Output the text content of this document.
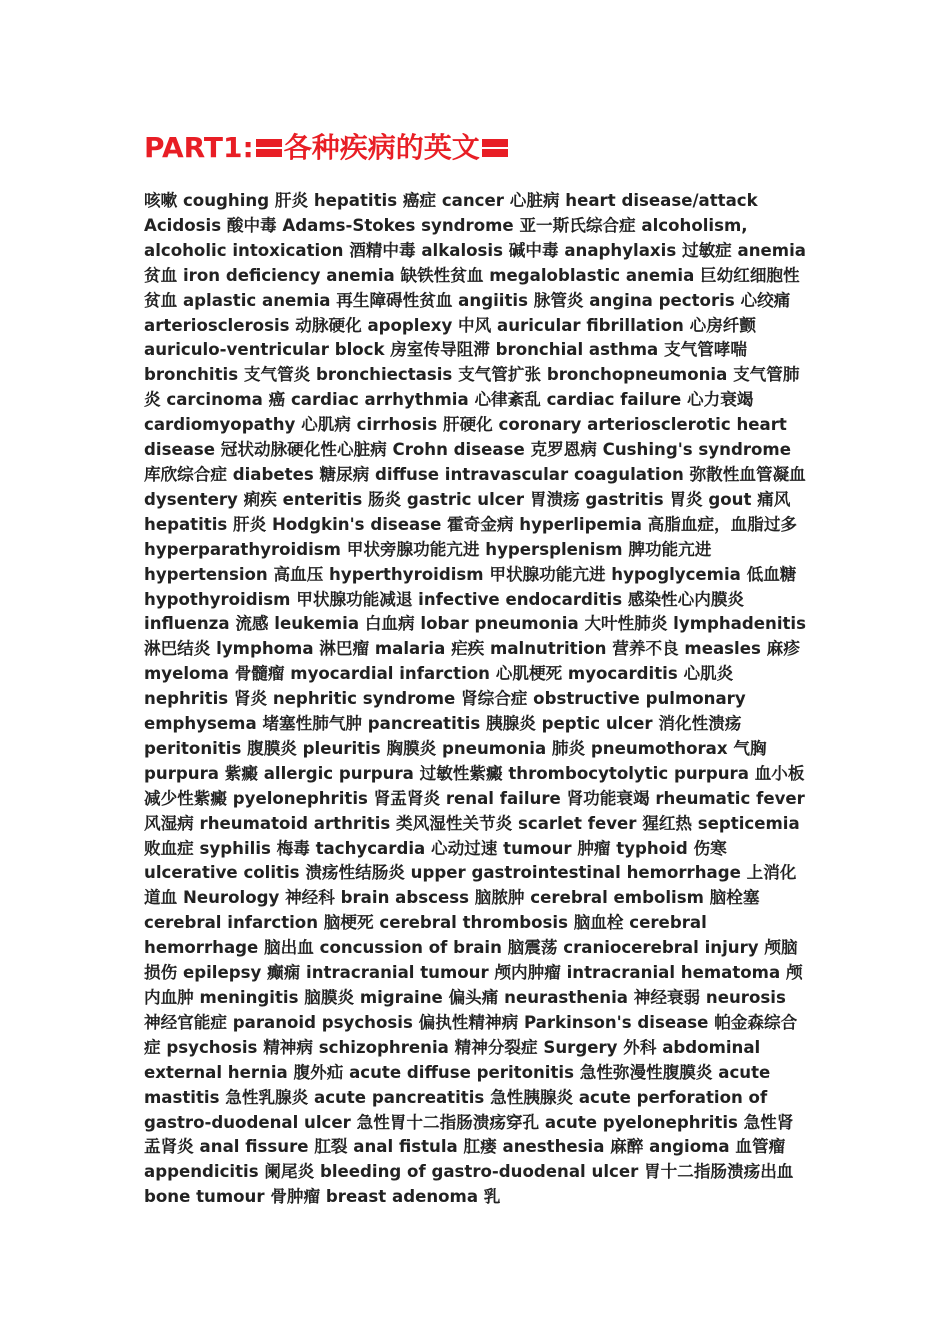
PART1: 各种疾病的英文

咳嗽 coughing 肝炎 hepatitis 癌症 cancer 心脏病 heart disease/attack Acidosis 酸中毒 Adams-Stokes syndrome 亚一斯氏综合症 alcoholism, alcoholic intoxication 酒精中毒 alkalosis 碱中毒 anaphylaxis 过敏症 anemia 贫血 iron deficiency anemia 缺铁性贫血 megaloblastic anemia 巨幼红细胞性贫血 aplastic anemia 再生障碍性贫血 angiitis 脉管炎 angina pectoris 心绞痛 arteriosclerosis 动脉硬化 apoplexy 中风 auricular fibrillation 心房纤颤 auriculo-ventricular block 房室传导阻滞 bronchial asthma 支气管哮喘 bronchitis 支气管炎 bronchiectasis 支气管扩张 bronchopneumonia 支气管肺炎 carcinoma 癌 cardiac arrhythmia 心律紊乱 cardiac failure 心力衰竭 cardiomyopathy 心肌病 cirrhosis 肝硬化 coronary arteriosclerotic heart disease 冠状动脉硬化性心脏病 Crohn disease 克罗恩病 Cushing's syndrome 库欣综合症 diabetes 糖尿病 diffuse intravascular coagulation 弥散性血管凝血 dysentery 痢疾 enteritis 肠炎 gastric ulcer 胃溃疡 gastritis 胃炎 gout 痛风 hepatitis 肝炎 Hodgkin's disease 霍奇金病 hyperlipemia 高脂血症，血脂过多 hyperparathyroidism 甲状旁腺功能亢进 hypersplenism 脾功能亢进 hypertension 高血压 hyperthyroidism 甲状腺功能亢进 hypoglycemia 低血糖 hypothyroidism 甲状腺功能减退 infective endocarditis 感染性心内膜炎 influenza 流感 leukemia 白血病 lobar pneumonia 大叶性肺炎 lymphadenitis 淋巴结炎 lymphoma 淋巴瘤 malaria 疟疾 malnutrition 营养不良 measles 麻疹 myeloma 骨髓瘤 myocardial infarction 心肌梗死 myocarditis 心肌炎 nephritis 肾炎 nephritic syndrome 肾综合症 obstructive pulmonary emphysema 堵塞性肺气肿 pancreatitis 胰腺炎 peptic ulcer 消化性溃疡 peritonitis 腹膜炎 pleuritis 胸膜炎 pneumonia 肺炎 pneumothorax 气胸 purpura 紫癜 allergic purpura 过敏性紫癜 thrombocytolytic purpura 血小板减少性紫癜 pyelonephritis 肾盂肾炎 renal failure 肾功能衰竭 rheumatic fever 风湿病 rheumatoid arthritis 类风湿性关节炎 scarlet fever 猩红热 septicemia 败血症 syphilis 梅毒 tachycardia 心动过速 tumour 肿瘤 typhoid 伤寒 ulcerative colitis 溃疡性结肠炎 upper gastrointestinal hemorrhage 上消化道血 Neurology 神经科 brain abscess 脑脓肿 cerebral embolism 脑栓塞 cerebral infarction 脑梗死 cerebral thrombosis 脑血栓 cerebral hemorrhage 脑出血 concussion of brain 脑震荡 craniocerebral injury 颅脑损伤 epilepsy 癫痫 intracranial tumour 颅内肿瘤 intracranial hematoma 颅内血肿 meningitis 脑膜炎 migraine 偏头痛 neurasthenia 神经衰弱 neurosis 神经官能症 paranoid psychosis 偏执性精神病 Parkinson's disease 帕金森综合症 psychosis 精神病 schizophrenia 精神分裂症 Surgery 外科 abdominal external hernia 腹外疝 acute diffuse peritonitis 急性弥漫性腹膜炎 acute mastitis 急性乳腺炎 acute pancreatitis 急性胰腺炎 acute perforation of gastro-duodenal ulcer 急性胃十二指肠溃疡穿孔 acute pyelonephritis 急性肾盂肾炎 anal fissure 肛裂 anal fistula 肛瘘 anesthesia 麻醉 angioma 血管瘤 appendicitis 阑尾炎 bleeding of gastro-duodenal ulcer 胃十二指肠溃疡出血 bone tumour 骨肿瘤 breast adenoma 乳
